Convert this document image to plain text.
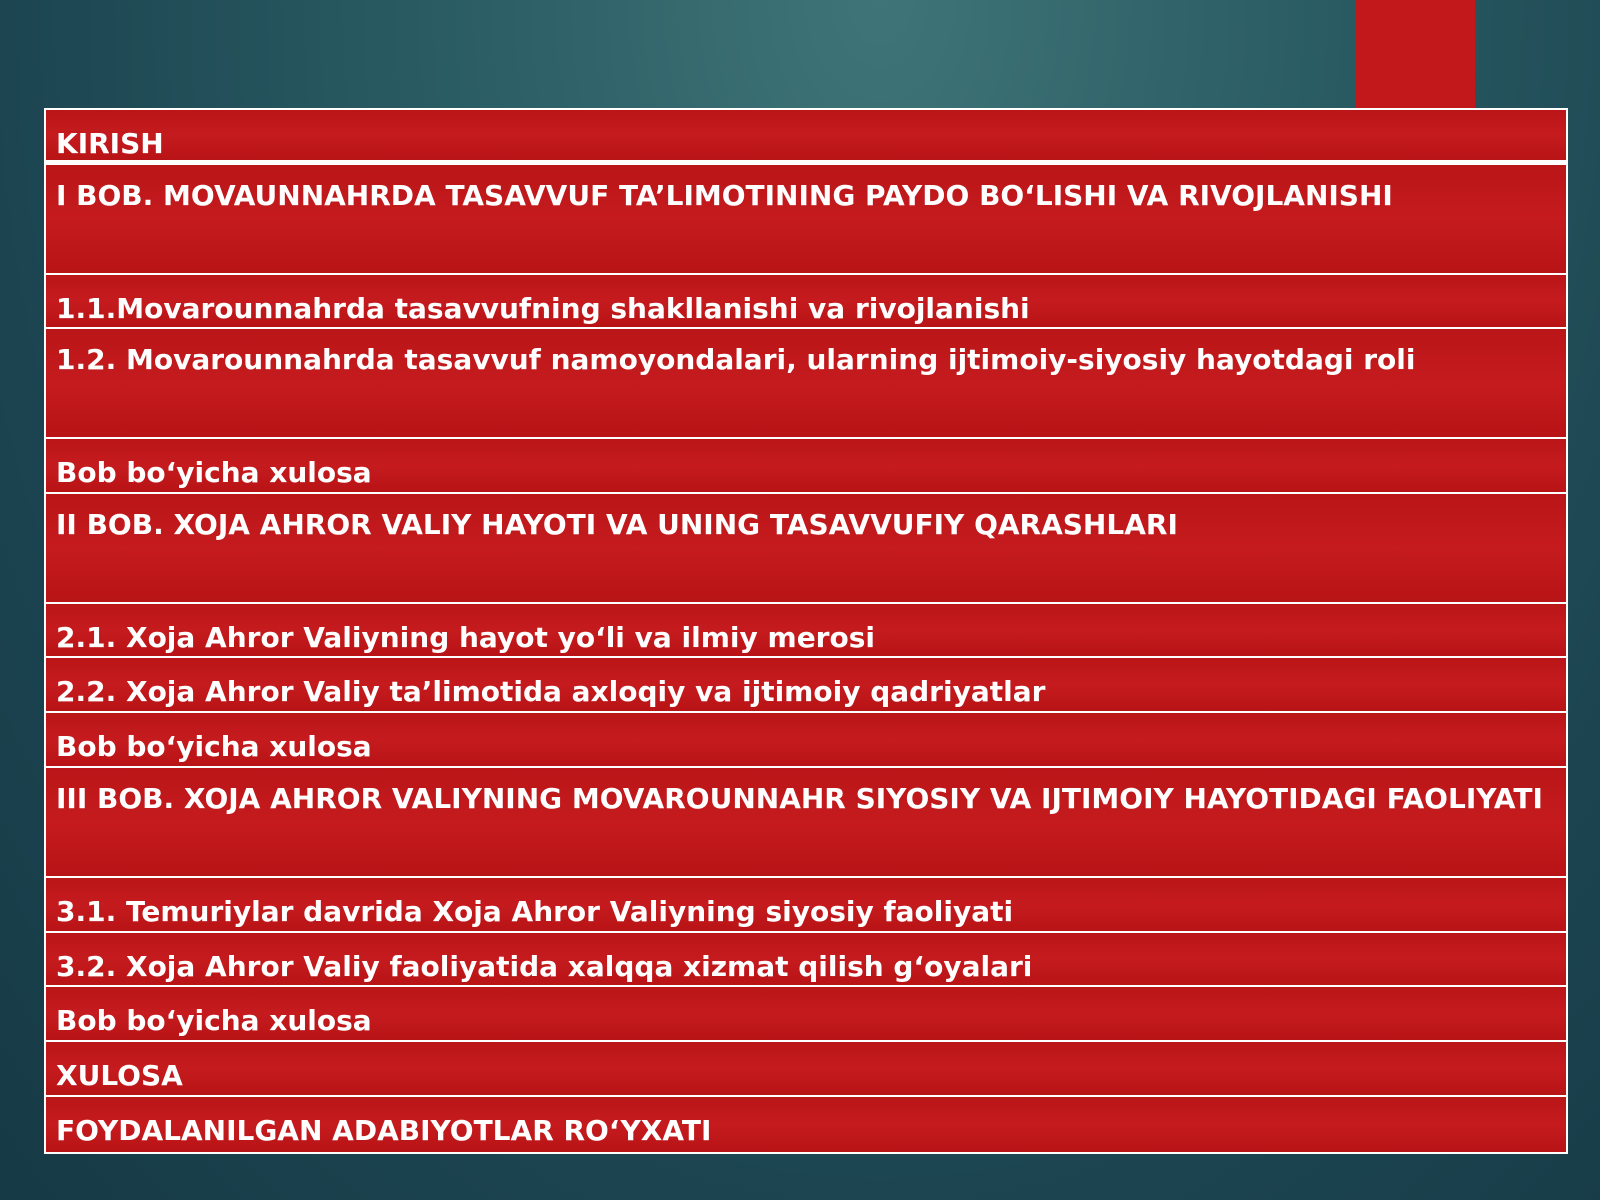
KIRISH
I BOB. MOVAUNNAHRDA TASAVVUF TA’LIMOTINING PAYDO BO‘LISHI VA RIVOJLANISHI
1.1.Movarounnahrda tasavvufning shakllanishi va rivojlanishi
1.2. Movarounnahrda tasavvuf namoyondalari, ularning ijtimoiy-siyosiy hayotdagi roli
Bob bo‘yicha xulosa
II BOB. XOJA AHROR VALIY HAYOTI VA UNING TASAVVUFIY QARASHLARI
2.1. Xoja Ahror Valiyning hayot yo‘li va ilmiy merosi
2.2. Xoja Ahror Valiy ta’limotida axloqiy va ijtimoiy qadriyatlar
Bob bo‘yicha xulosa
III BOB. XOJA AHROR VALIYNING MOVAROUNNAHR SIYOSIY VA IJTIMOIY HAYOTIDAGI FAOLIYATI
3.1. Temuriylar davrida Xoja Ahror Valiyning siyosiy faoliyati
3.2. Xoja Ahror Valiy faoliyatida xalqqa xizmat qilish g‘oyalari
Bob bo‘yicha xulosa
XULOSA
FOYDALANILGAN ADABIYOTLAR RO‘YXATI
